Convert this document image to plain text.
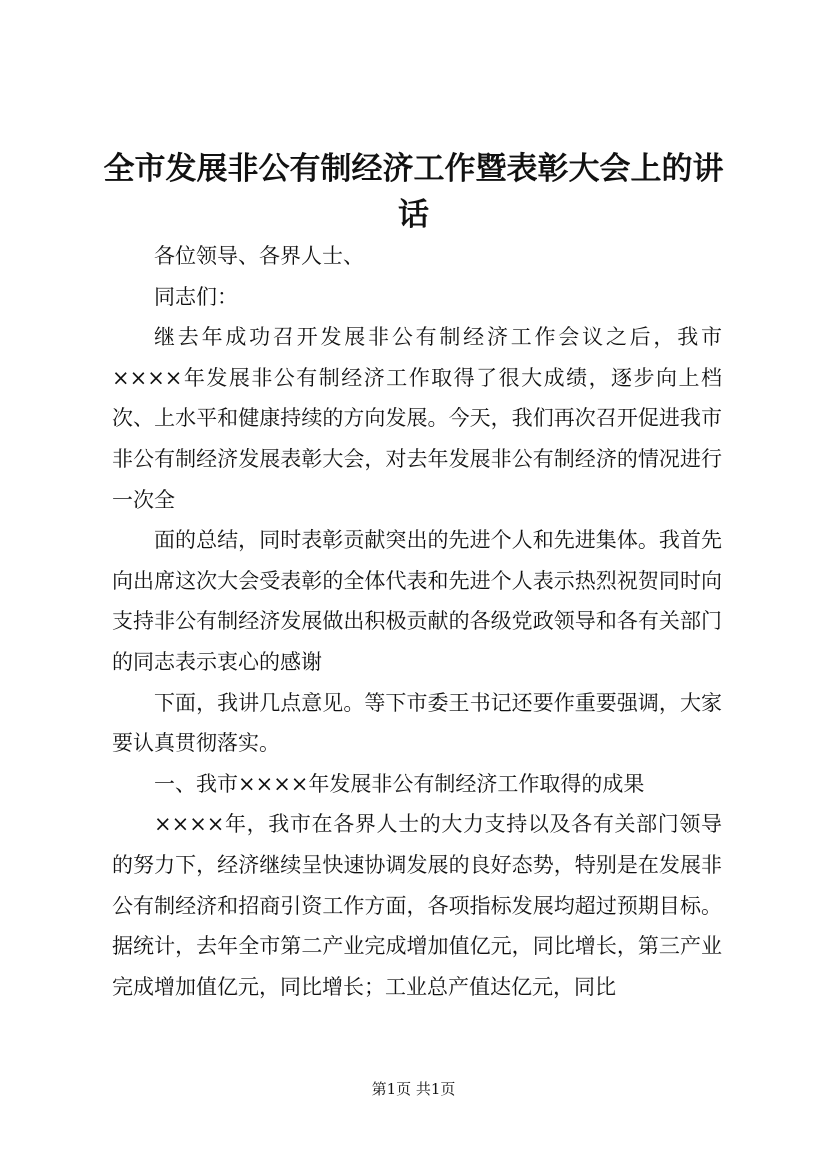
全市发展非公有制经济工作暨表彰大会上的讲话

各位领导、各界人士、

同志们：

继去年成功召开发展非公有制经济工作会议之后，我市××××年发展非公有制经济工作取得了很大成绩，逐步向上档次、上水平和健康持续的方向发展。今天，我们再次召开促进我市非公有制经济发展表彰大会，对去年发展非公有制经济的情况进行一次全

面的总结，同时表彰贡献突出的先进个人和先进集体。我首先向出席这次大会受表彰的全体代表和先进个人表示热烈祝贺同时向支持非公有制经济发展做出积极贡献的各级党政领导和各有关部门的同志表示衷心的感谢

下面，我讲几点意见。等下市委王书记还要作重要强调，大家要认真贯彻落实。

一、我市××××年发展非公有制经济工作取得的成果

××××年，我市在各界人士的大力支持以及各有关部门领导的努力下，经济继续呈快速协调发展的良好态势，特别是在发展非公有制经济和招商引资工作方面，各项指标发展均超过预期目标。据统计，去年全市第二产业完成增加值亿元，同比增长，第三产业完成增加值亿元，同比增长；工业总产值达亿元，同比

第1页 共1页
